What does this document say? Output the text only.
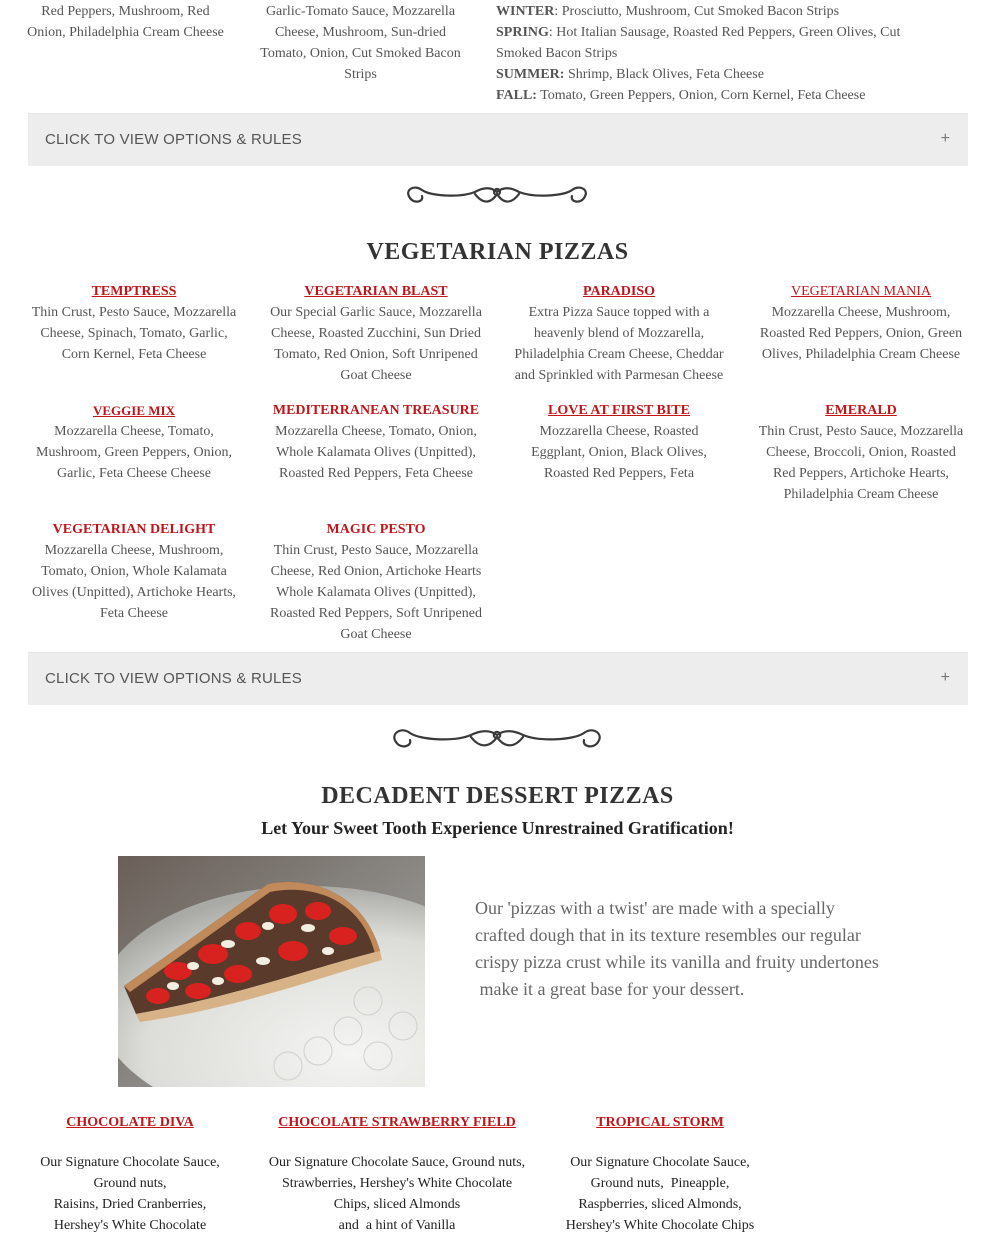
Red Peppers, Mushroom, Red
Onion, Philadelphia Cream Cheese
Garlic-Tomato Sauce, Mozzarella
Cheese, Mushroom, Sun-dried
Tomato, Onion, Cut Smoked Bacon
Strips
WINTER: Prosciutto, Mushroom, Cut Smoked Bacon Strips
SPRING: Hot Italian Sausage, Roasted Red Peppers, Green Olives, Cut
Smoked Bacon Strips
SUMMER: Shrimp, Black Olives, Feta Cheese
FALL: Tomato, Green Peppers, Onion, Corn Kernel, Feta Cheese
CLICK TO VIEW OPTIONS & RULES	+
VEGETARIAN PIZZAS
TEMPTRESS
Thin Crust, Pesto Sauce, Mozzarella
Cheese, Spinach, Tomato, Garlic,
Corn Kernel, Feta Cheese
VEGETARIAN BLAST
Our Special Garlic Sauce, Mozzarella
Cheese, Roasted Zucchini, Sun Dried
Tomato, Red Onion, Soft Unripened
Goat Cheese
PARADISO
Extra Pizza Sauce topped with a
heavenly blend of Mozzarella,
Philadelphia Cream Cheese, Cheddar
and Sprinkled with Parmesan Cheese
VEGETARIAN MANIA
Mozzarella Cheese, Mushroom,
Roasted Red Peppers, Onion, Green
Olives, Philadelphia Cream Cheese
VEGGIE MIX
Mozzarella Cheese, Tomato,
Mushroom, Green Peppers, Onion,
Garlic, Feta Cheese Cheese
MEDITERRANEAN TREASURE
Mozzarella Cheese, Tomato, Onion,
Whole Kalamata Olives (Unpitted),
Roasted Red Peppers, Feta Cheese
LOVE AT FIRST BITE
Mozzarella Cheese, Roasted
Eggplant, Onion, Black Olives,
Roasted Red Peppers, Feta
EMERALD
Thin Crust, Pesto Sauce, Mozzarella
Cheese, Broccoli, Onion, Roasted
Red Peppers, Artichoke Hearts,
Philadelphia Cream Cheese
VEGETARIAN DELIGHT
Mozzarella Cheese, Mushroom,
Tomato, Onion, Whole Kalamata
Olives (Unpitted), Artichoke Hearts,
Feta Cheese
MAGIC PESTO
Thin Crust, Pesto Sauce, Mozzarella
Cheese, Red Onion, Artichoke Hearts
Whole Kalamata Olives (Unpitted),
Roasted Red Peppers, Soft Unripened
Goat Cheese
CLICK TO VIEW OPTIONS & RULES	+
DECADENT DESSERT PIZZAS
Let Your Sweet Tooth Experience Unrestrained Gratification!
Our 'pizzas with a twist' are made with a specially
crafted dough that in its texture resembles our regular
crispy pizza crust while its vanilla and fruity undertones
make it a great base for your dessert.
CHOCOLATE DIVA
Our Signature Chocolate Sauce,
Ground nuts,
Raisins, Dried Cranberries,
Hershey's White Chocolate
CHOCOLATE STRAWBERRY FIELD
Our Signature Chocolate Sauce, Ground nuts,
Strawberries, Hershey's White Chocolate
Chips, sliced Almonds
and  a hint of Vanilla
TROPICAL STORM
Our Signature Chocolate Sauce,
Ground nuts,  Pineapple,
Raspberries, sliced Almonds,
Hershey's White Chocolate Chips
